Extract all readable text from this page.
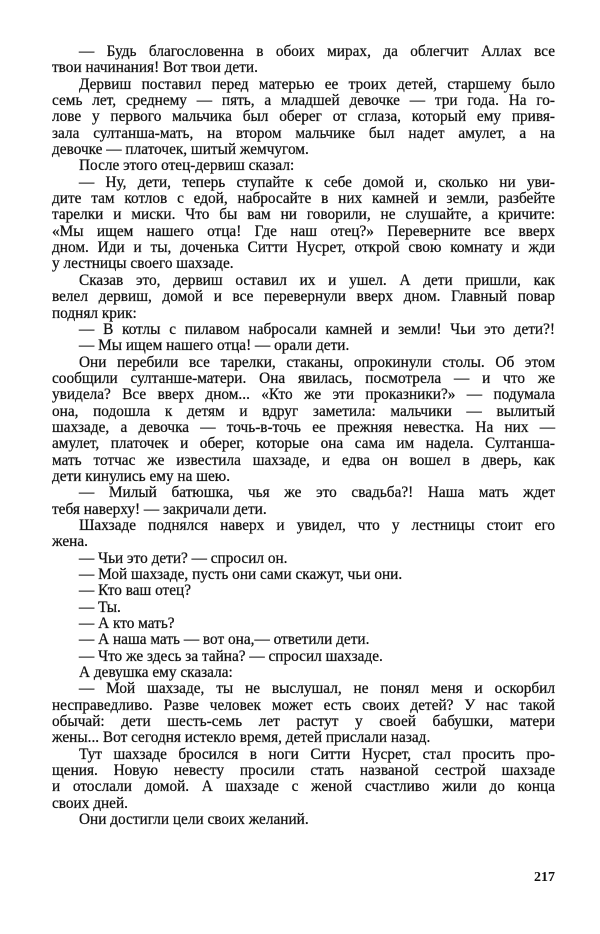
— Будь благословенна в обоих мирах, да облегчит Аллах все
твои начинания! Вот твои дети.
Дервиш поставил перед матерью ее троих детей, старшему было
семь лет, среднему — пять, а младшей девочке — три года. На го-
лове у первого мальчика был оберег от сглаза, который ему привя-
зала султанша-мать, на втором мальчике был надет амулет, а на
девочке — платочек, шитый жемчугом.
После этого отец-дервиш сказал:
— Ну, дети, теперь ступайте к себе домой и, сколько ни уви-
дите там котлов с едой, набросайте в них камней и земли, разбейте
тарелки и миски. Что бы вам ни говорили, не слушайте, а кричите:
«Мы ищем нашего отца! Где наш отец?» Переверните все вверх
дном. Иди и ты, доченька Ситти Нусрет, открой свою комнату и жди
у лестницы своего шахзаде.
Сказав это, дервиш оставил их и ушел. А дети пришли, как
велел дервиш, домой и все перевернули вверх дном. Главный повар
поднял крик:
— В котлы с пилавом набросали камней и земли! Чьи это дети?!
— Мы ищем нашего отца! — орали дети.
Они перебили все тарелки, стаканы, опрокинули столы. Об этом
сообщили султанше-матери. Она явилась, посмотрела — и что же
увидела? Все вверх дном... «Кто же эти проказники?» — подумала
она, подошла к детям и вдруг заметила: мальчики — вылитый
шахзаде, а девочка — точь-в-точь ее прежняя невестка. На них —
амулет, платочек и оберег, которые она сама им надела. Султанша-
мать тотчас же известила шахзаде, и едва он вошел в дверь, как
дети кинулись ему на шею.
— Милый батюшка, чья же это свадьба?! Наша мать ждет
тебя наверху! — закричали дети.
Шахзаде поднялся наверх и увидел, что у лестницы стоит его
жена.
— Чьи это дети? — спросил он.
— Мой шахзаде, пусть они сами скажут, чьи они.
— Кто ваш отец?
— Ты.
— А кто мать?
— А наша мать — вот она,— ответили дети.
— Что же здесь за тайна? — спросил шахзаде.
А девушка ему сказала:
— Мой шахзаде, ты не выслушал, не понял меня и оскорбил
несправедливо. Разве человек может есть своих детей? У нас такой
обычай: дети шесть-семь лет растут у своей бабушки, матери
жены... Вот сегодня истекло время, детей прислали назад.
Тут шахзаде бросился в ноги Ситти Нусрет, стал просить про-
щения. Новую невесту просили стать названой сестрой шахзаде
и отослали домой. А шахзаде с женой счастливо жили до конца
своих дней.
Они достигли цели своих желаний.
217
